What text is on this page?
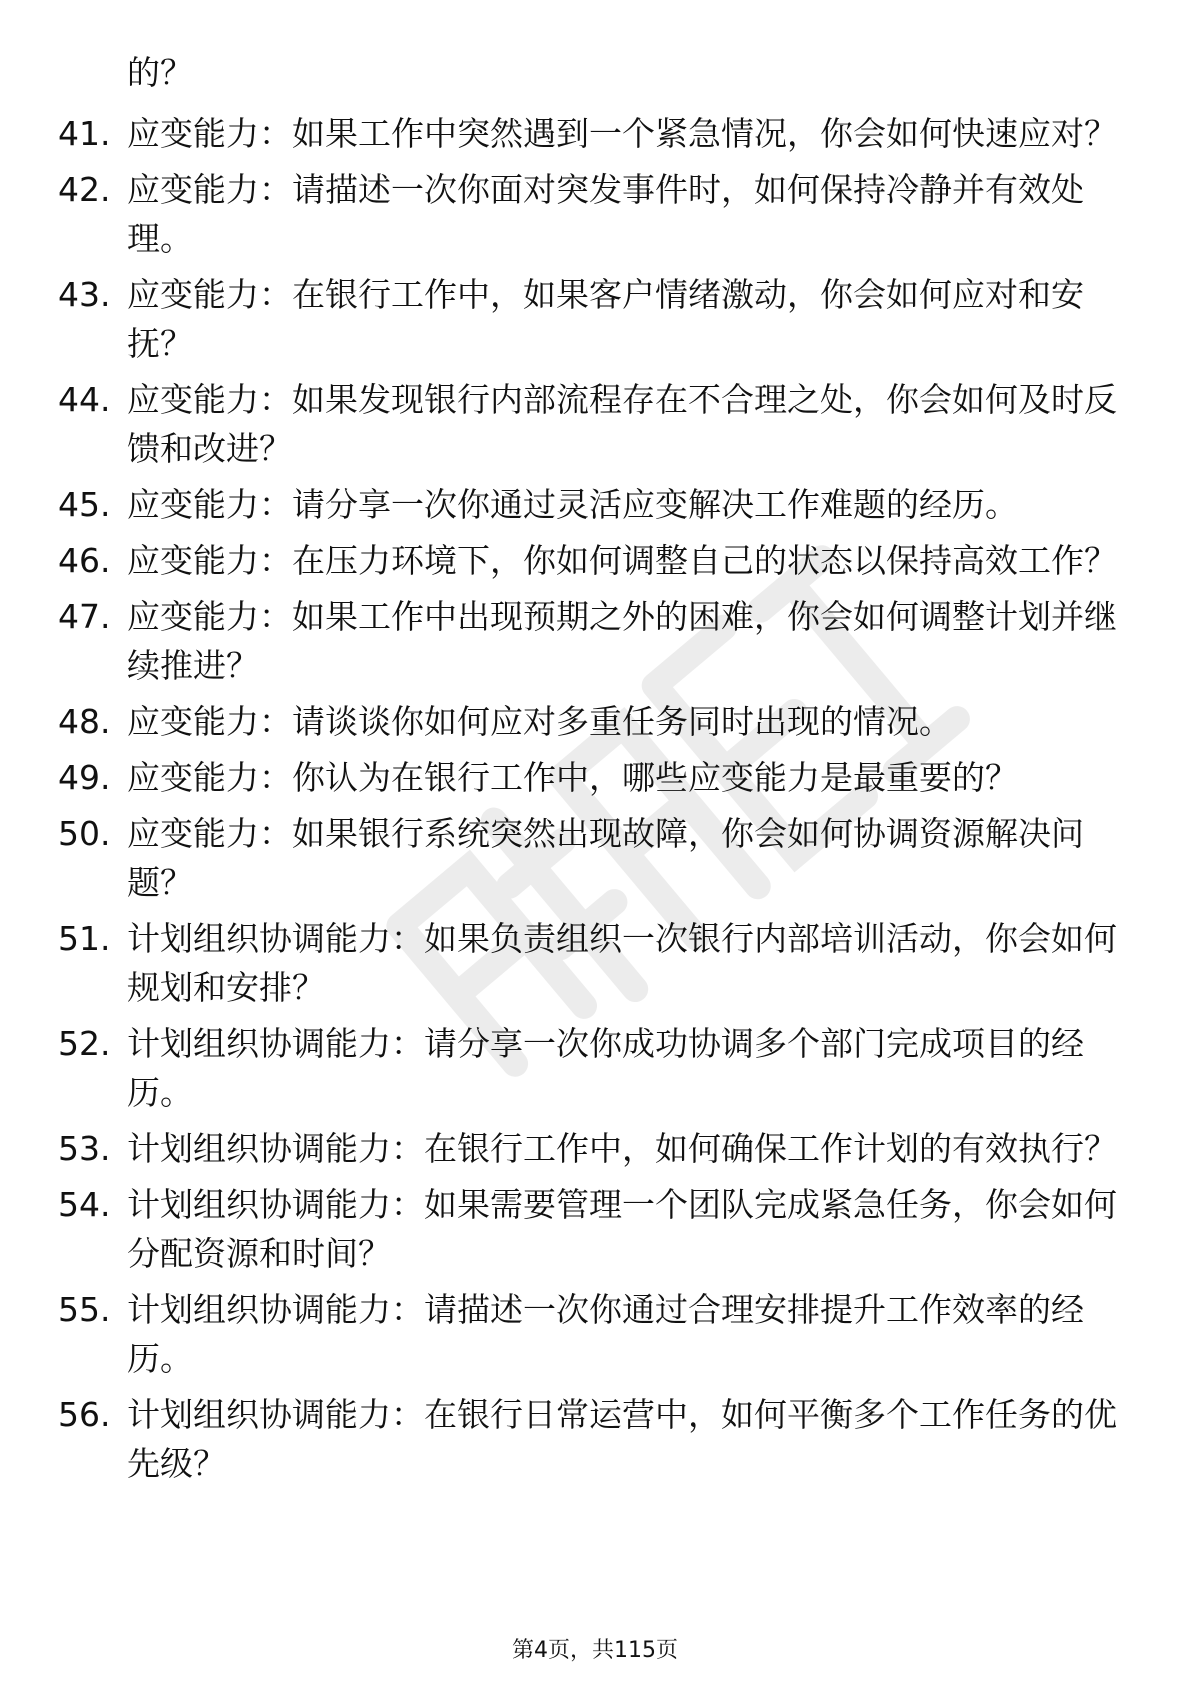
的？
41. 应变能力：如果工作中突然遇到一个紧急情况，你会如何快速应对？
42. 应变能力：请描述一次你面对突发事件时，如何保持冷静并有效处理。
43. 应变能力：在银行工作中，如果客户情绪激动，你会如何应对和安抚？
44. 应变能力：如果发现银行内部流程存在不合理之处，你会如何及时反馈和改进？
45. 应变能力：请分享一次你通过灵活应变解决工作难题的经历。
46. 应变能力：在压力环境下，你如何调整自己的状态以保持高效工作？
47. 应变能力：如果工作中出现预期之外的困难，你会如何调整计划并继续推进？
48. 应变能力：请谈谈你如何应对多重任务同时出现的情况。
49. 应变能力：你认为在银行工作中，哪些应变能力是最重要的？
50. 应变能力：如果银行系统突然出现故障，你会如何协调资源解决问题？
51. 计划组织协调能力：如果负责组织一次银行内部培训活动，你会如何规划和安排？
52. 计划组织协调能力：请分享一次你成功协调多个部门完成项目的经历。
53. 计划组织协调能力：在银行工作中，如何确保工作计划的有效执行？
54. 计划组织协调能力：如果需要管理一个团队完成紧急任务，你会如何分配资源和时间？
55. 计划组织协调能力：请描述一次你通过合理安排提升工作效率的经历。
56. 计划组织协调能力：在银行日常运营中，如何平衡多个工作任务的优先级？
第4页，共115页
